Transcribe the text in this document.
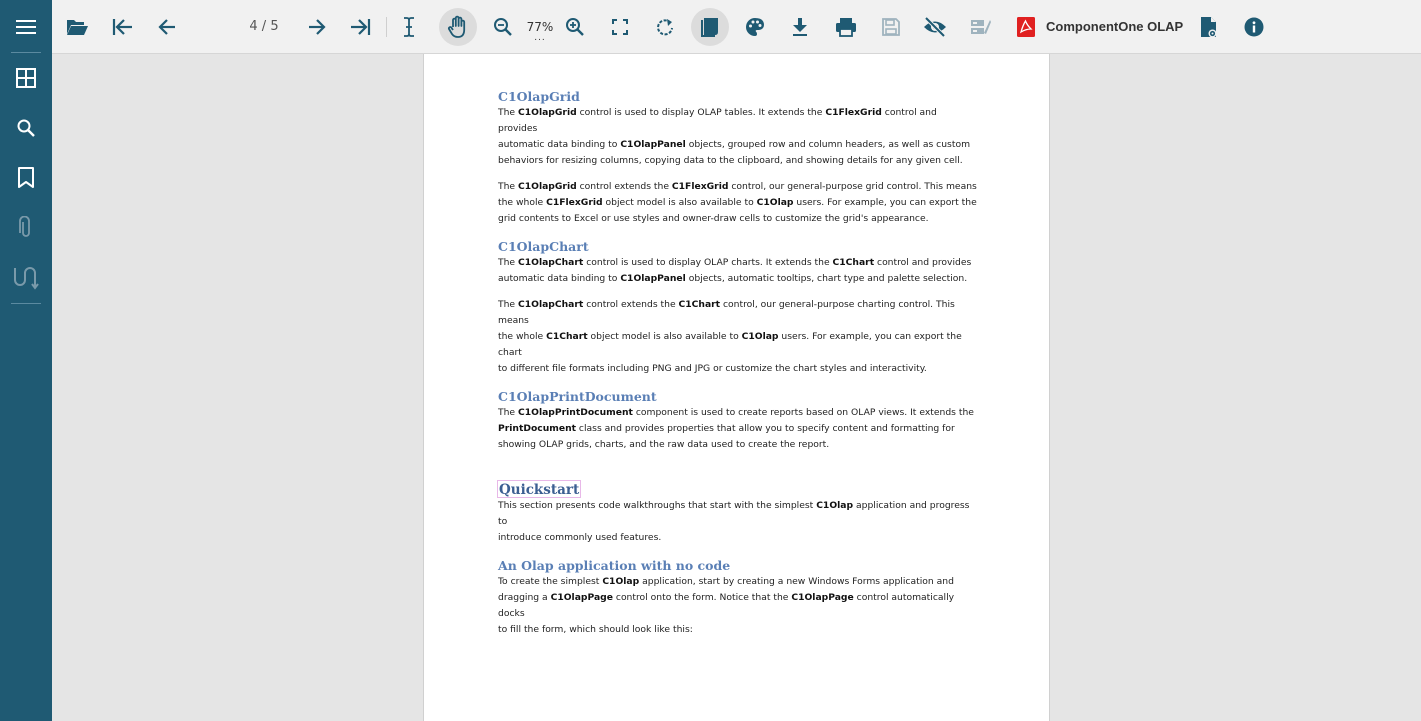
4 / 5	77%
...
ComponentOne OLAP
C1OlapGrid
The C1OlapGrid control is used to display OLAP tables. It extends the C1FlexGrid control and provides
automatic data binding to C1OlapPanel objects, grouped row and column headers, as well as custom
behaviors for resizing columns, copying data to the clipboard, and showing details for any given cell.
The C1OlapGrid control extends the C1FlexGrid control, our general-purpose grid control. This means
the whole C1FlexGrid object model is also available to C1Olap users. For example, you can export the
grid contents to Excel or use styles and owner-draw cells to customize the grid's appearance.
C1OlapChart
The C1OlapChart control is used to display OLAP charts. It extends the C1Chart control and provides
automatic data binding to C1OlapPanel objects, automatic tooltips, chart type and palette selection.
The C1OlapChart control extends the C1Chart control, our general-purpose charting control. This means
the whole C1Chart object model is also available to C1Olap users. For example, you can export the chart
to different file formats including PNG and JPG or customize the chart styles and interactivity.
C1OlapPrintDocument
The C1OlapPrintDocument component is used to create reports based on OLAP views. It extends the
PrintDocument class and provides properties that allow you to specify content and formatting for
showing OLAP grids, charts, and the raw data used to create the report.
Quickstart
This section presents code walkthroughs that start with the simplest C1Olap application and progress to
introduce commonly used features.
An Olap application with no code
To create the simplest C1Olap application, start by creating a new Windows Forms application and
dragging a C1OlapPage control onto the form. Notice that the C1OlapPage control automatically docks
to fill the form, which should look like this:
